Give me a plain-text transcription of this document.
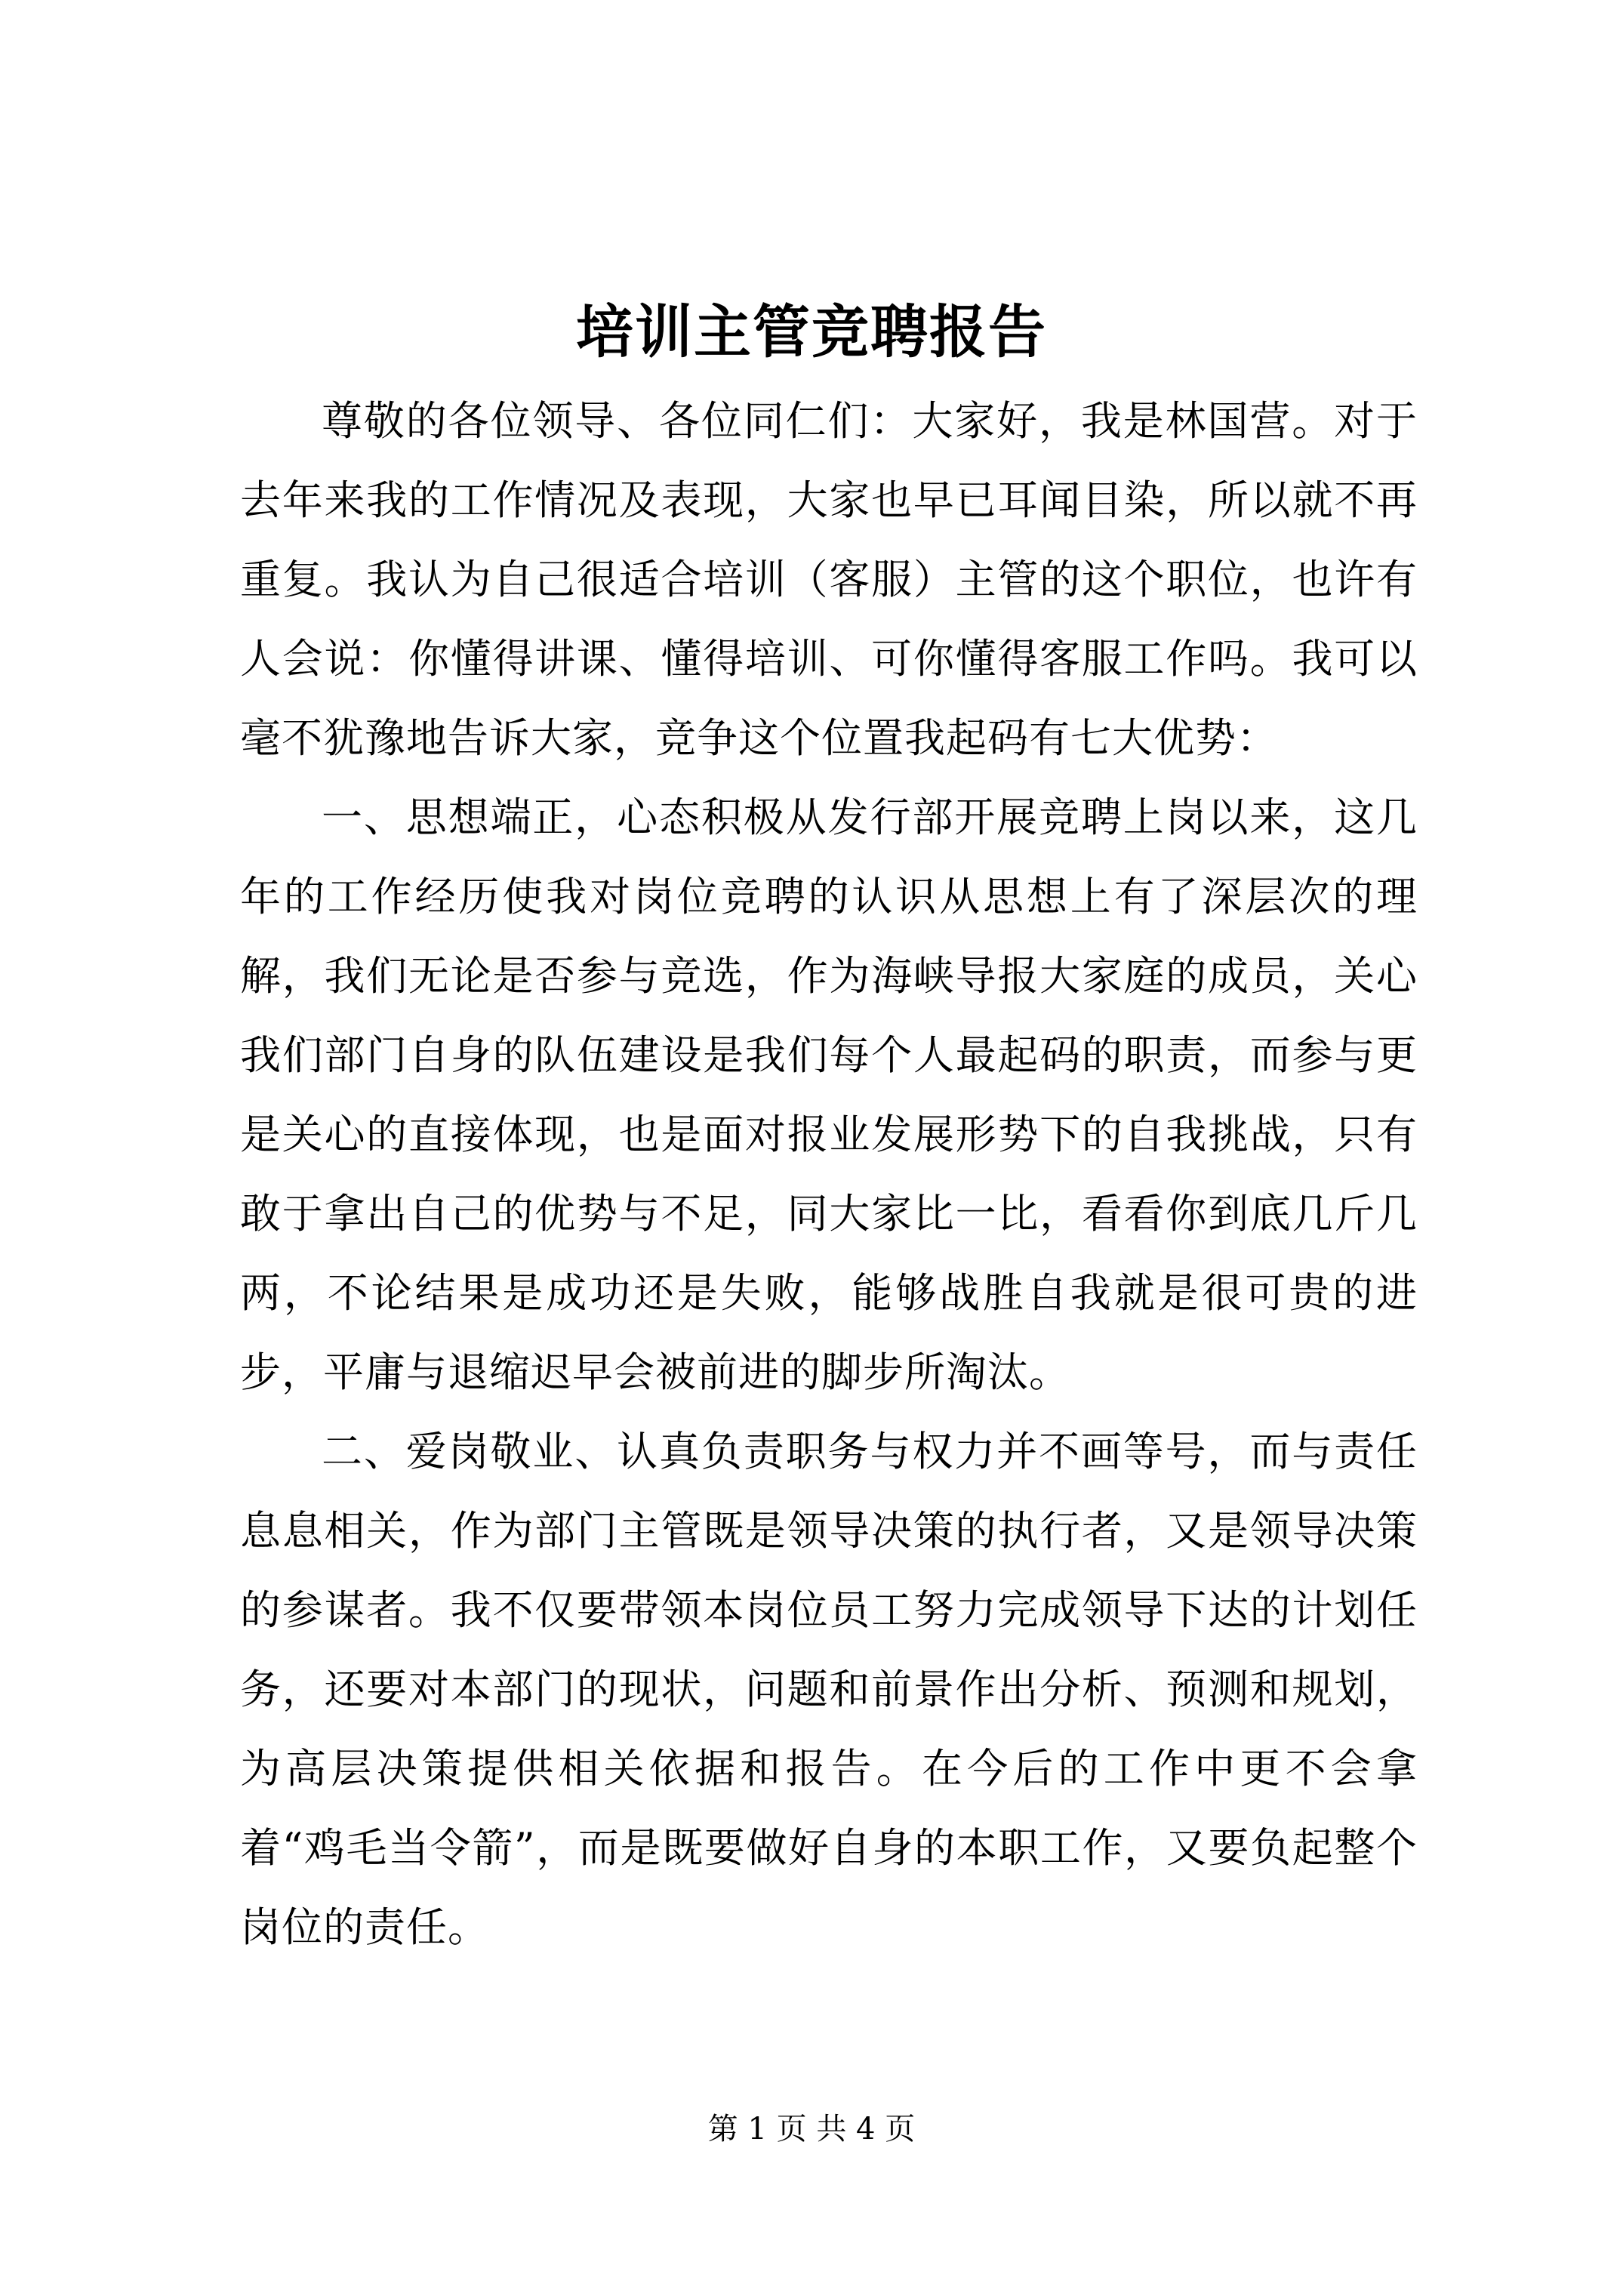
培训主管竞聘报告

尊敬的各位领导、各位同仁们：大家好，我是林国营。对于去年来我的工作情况及表现，大家也早已耳闻目染，所以就不再重复。我认为自己很适合培训（客服）主管的这个职位，也许有人会说：你懂得讲课、懂得培训、可你懂得客服工作吗。我可以毫不犹豫地告诉大家，竞争这个位置我起码有七大优势：

一、思想端正，心态积极从发行部开展竞聘上岗以来，这几年的工作经历使我对岗位竞聘的认识从思想上有了深层次的理解，我们无论是否参与竞选，作为海峡导报大家庭的成员，关心我们部门自身的队伍建设是我们每个人最起码的职责，而参与更是关心的直接体现，也是面对报业发展形势下的自我挑战，只有敢于拿出自己的优势与不足，同大家比一比，看看你到底几斤几两，不论结果是成功还是失败，能够战胜自我就是很可贵的进步，平庸与退缩迟早会被前进的脚步所淘汰。

二、爱岗敬业、认真负责职务与权力并不画等号，而与责任息息相关，作为部门主管既是领导决策的执行者，又是领导决策的参谋者。我不仅要带领本岗位员工努力完成领导下达的计划任务，还要对本部门的现状，问题和前景作出分析、预测和规划，为高层决策提供相关依据和报告。在今后的工作中更不会拿着“鸡毛当令箭”，而是既要做好自身的本职工作，又要负起整个岗位的责任。

第 1 页 共 4 页
